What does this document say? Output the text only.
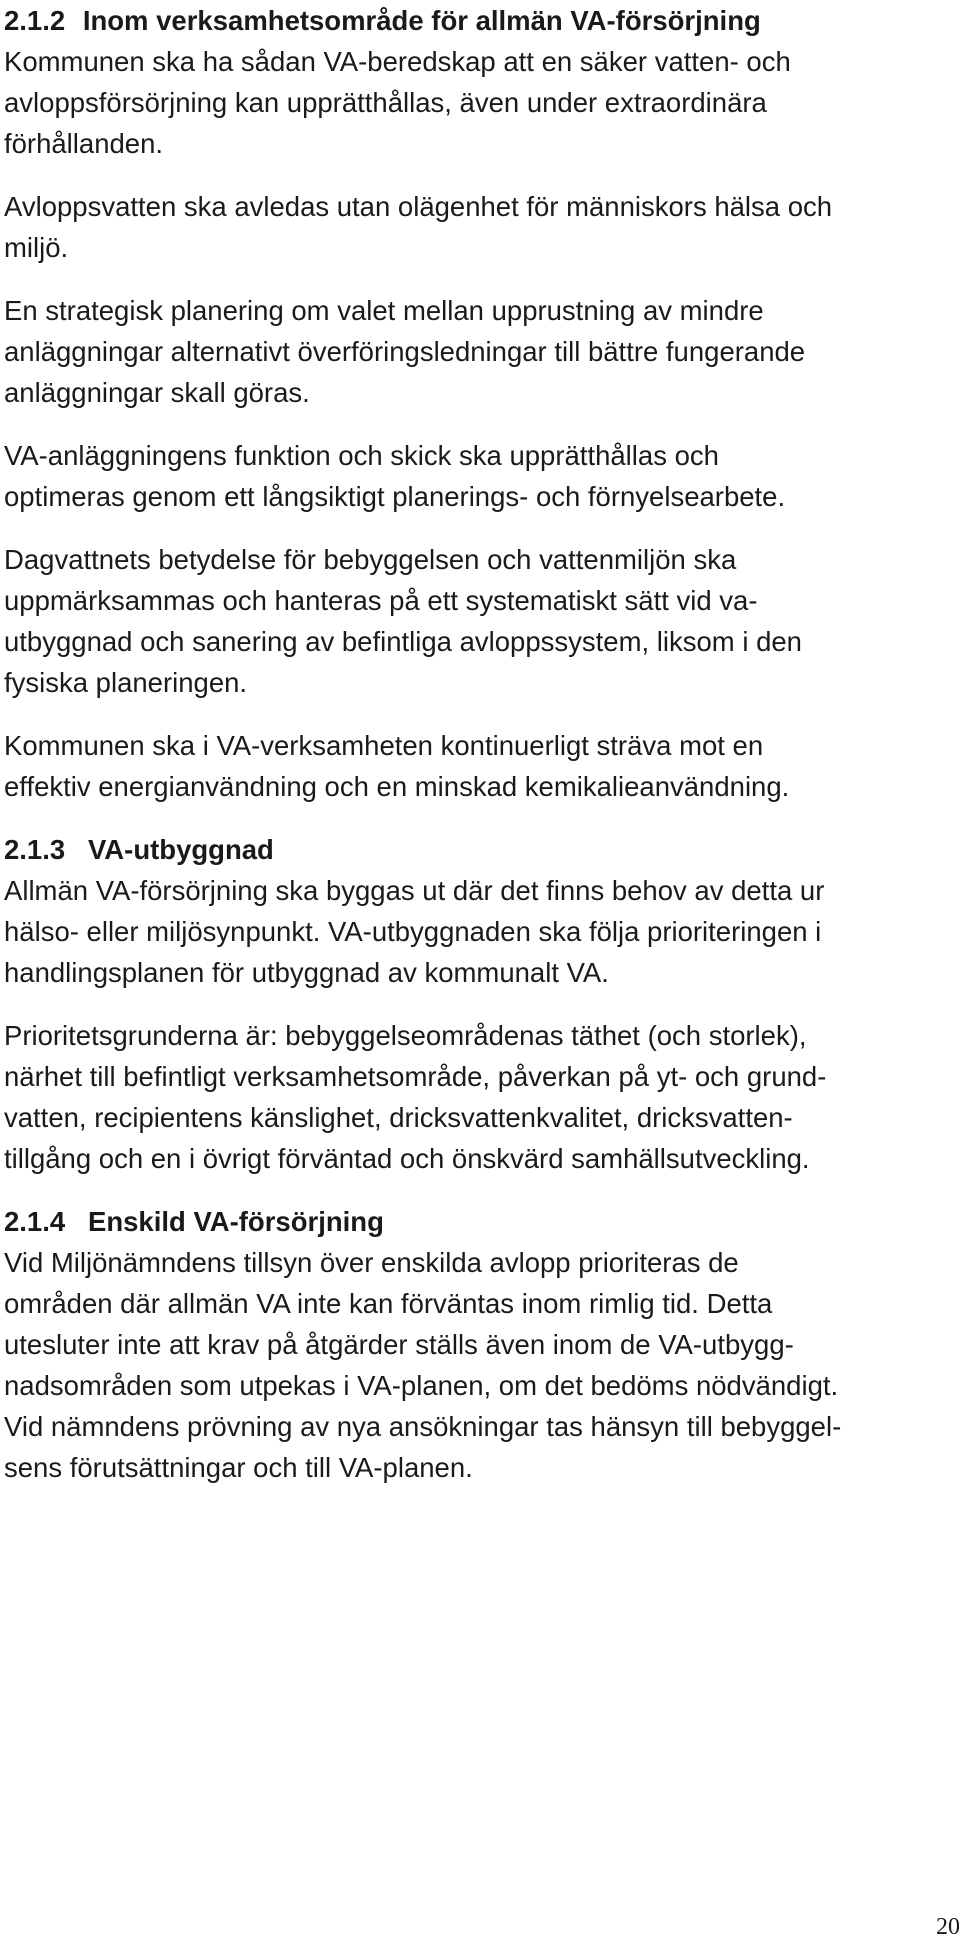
2.1.2 Inom verksamhetsområde för allmän VA-försörjning
Kommunen ska ha sådan VA-beredskap att en säker vatten- och
avloppsförsörjning kan upprätthållas, även under extraordinära
förhållanden.
Avloppsvatten ska avledas utan olägenhet för människors hälsa och
miljö.
En strategisk planering om valet mellan upprustning av mindre
anläggningar alternativt överföringsledningar till bättre fungerande
anläggningar skall göras.
VA-anläggningens funktion och skick ska upprätthållas och
optimeras genom ett långsiktigt planerings- och förnyelsearbete.
Dagvattnets betydelse för bebyggelsen och vattenmiljön ska
uppmärksammas och hanteras på ett systematiskt sätt vid va-
utbyggnad och sanering av befintliga avloppssystem, liksom i den
fysiska planeringen.
Kommunen ska i VA-verksamheten kontinuerligt sträva mot en
effektiv energianvändning och en minskad kemikalieanvändning.
2.1.3 VA-utbyggnad
Allmän VA-försörjning ska byggas ut där det finns behov av detta ur
hälso- eller miljösynpunkt. VA-utbyggnaden ska följa prioriteringen i
handlingsplanen för utbyggnad av kommunalt VA.
Prioritetsgrunderna är: bebyggelseområdenas täthet (och storlek),
närhet till befintligt verksamhetsområde, påverkan på yt- och grund-
vatten, recipientens känslighet, dricksvattenkvalitet, dricksvatten-
tillgång och en i övrigt förväntad och önskvärd samhällsutveckling.
2.1.4 Enskild VA-försörjning
Vid Miljönämndens tillsyn över enskilda avlopp prioriteras de
områden där allmän VA inte kan förväntas inom rimlig tid. Detta
utesluter inte att krav på åtgärder ställs även inom de VA-utbygg-
nadsområden som utpekas i VA-planen, om det bedöms nödvändigt.
Vid nämndens prövning av nya ansökningar tas hänsyn till bebyggel-
sens förutsättningar och till VA-planen.
20
